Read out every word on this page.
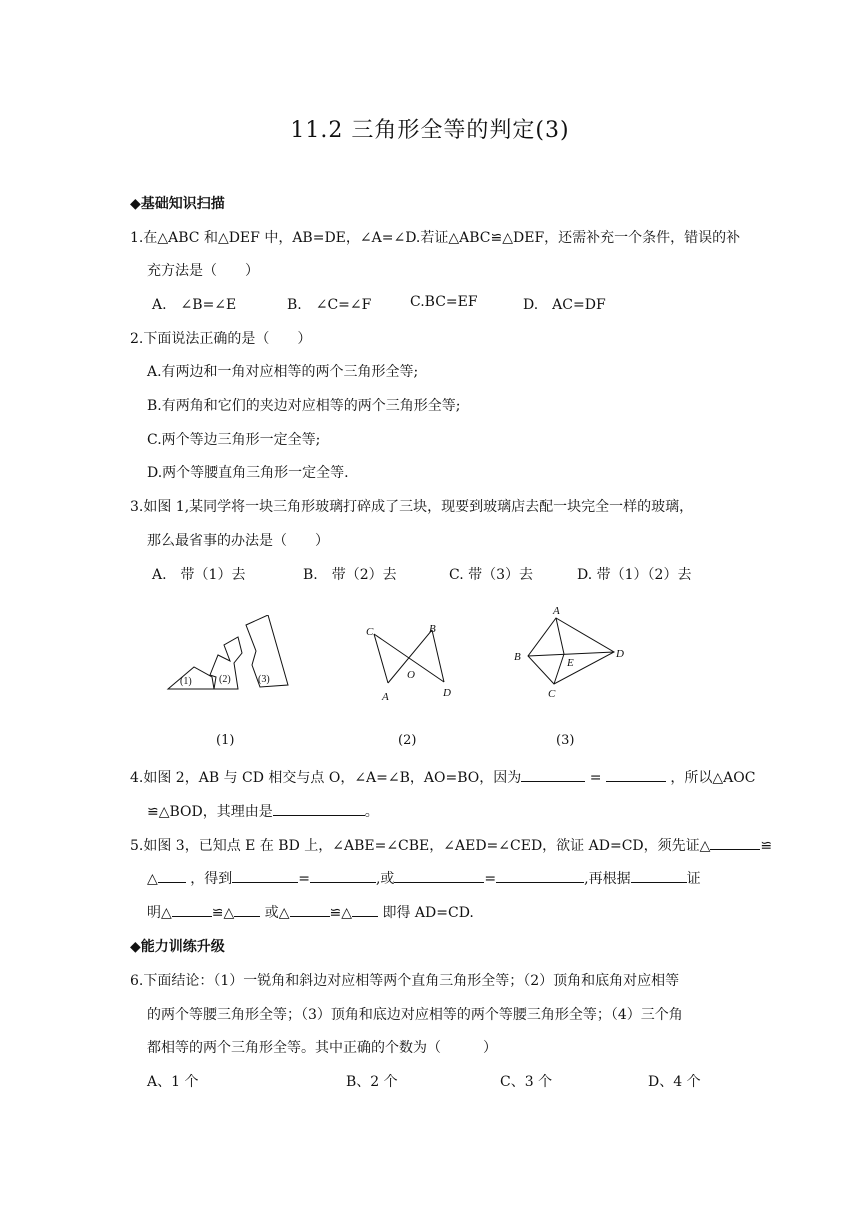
11.2 三角形全等的判定(3)
◆基础知识扫描
1.在△ABC 和△DEF 中，AB=DE，∠A=∠D.若证△ABC≌△DEF，还需补充一个条件，错误的补
充方法是（　　）
A.　∠B=∠E	B.　∠C=∠F	C.BC=EF	D.　AC=DF
2.下面说法正确的是（　　）
A.有两边和一角对应相等的两个三角形全等;
B.有两角和它们的夹边对应相等的两个三角形全等;
C.两个等边三角形一定全等;
D.两个等腰直角三角形一定全等.
3.如图 1,某同学将一块三角形玻璃打碎成了三块，现要到玻璃店去配一块完全一样的玻璃，
那么最省事的办法是（　　）
A.　带（1）去	B.　带（2）去	C. 带（3）去	D. 带（1）（2）去
(1)	(2)	(3)
C	B
O
A	D
A
B	E
D
C
(1)	(2)	(3)
4.如图 2，AB 与 CD 相交与点 O，∠A=∠B，AO=BO，因为	=	，所以△AOC
≌△BOD，其理由是	。
5.如图 3，已知点 E 在 BD 上，∠ABE=∠CBE，∠AED=∠CED，欲证 AD=CD，须先证△	≌
△ ，得到	=	,或	=	,再根据	证
明△	≌△ 或△	≌△ 即得 AD=CD.
◆能力训练升级
6.下面结论：（1）一锐角和斜边对应相等两个直角三角形全等；（2）顶角和底角对应相等
的两个等腰三角形全等；（3）顶角和底边对应相等的两个等腰三角形全等；（4）三个角
都相等的两个三角形全等。其中正确的个数为（　　　）
A、1 个	B、2 个	C、3 个	D、4 个
